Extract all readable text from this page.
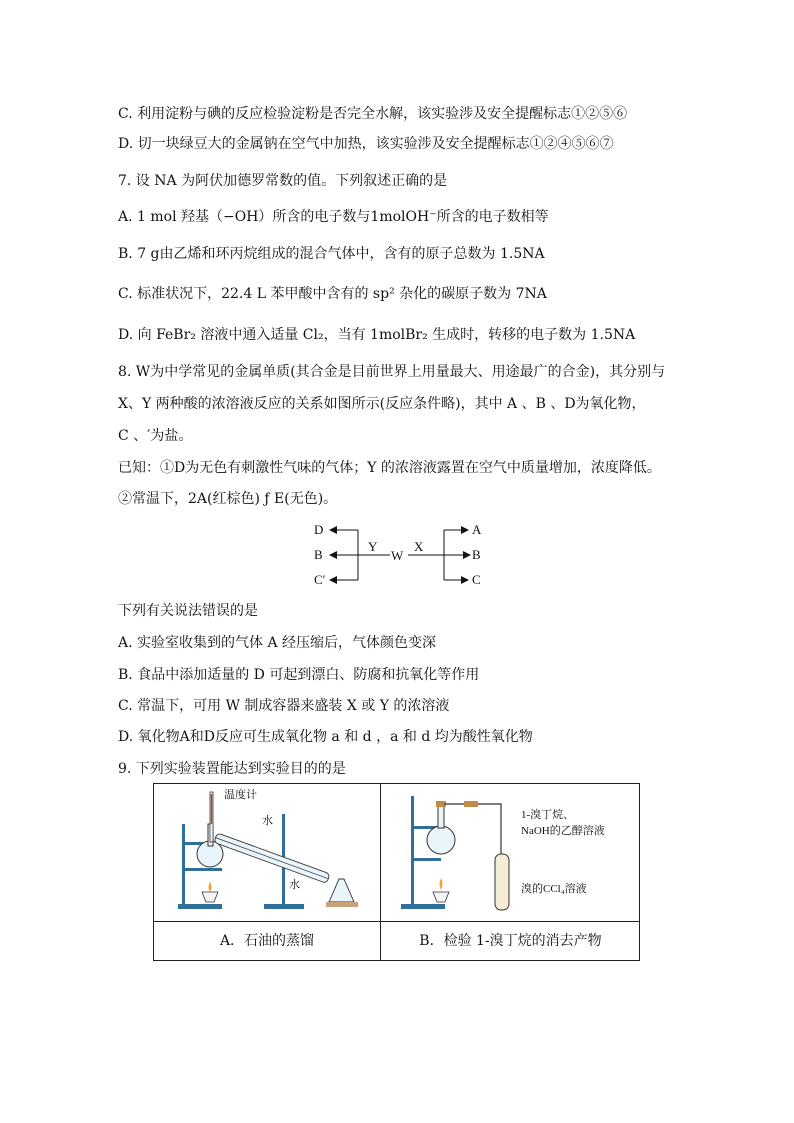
C. 利用淀粉与碘的反应检验淀粉是否完全水解，该实验涉及安全提醒标志①②⑤⑥
D. 切一块绿豆大的金属钠在空气中加热，该实验涉及安全提醒标志①②④⑤⑥⑦
7. 设 NA 为阿伏加德罗常数的值。下列叙述正确的是
A. 1 mol 羟基（−OH）所含的电子数与1molOH⁻所含的电子数相等
B. 7 g由乙烯和环丙烷组成的混合气体中，含有的原子总数为 1.5NA
C. 标准状况下，22.4 L 苯甲酸中含有的 sp² 杂化的碳原子数为 7NA
D. 向 FeBr₂ 溶液中通入适量 Cl₂，当有 1molBr₂ 生成时，转移的电子数为 1.5NA
8. W为中学常见的金属单质(其合金是目前世界上用量最大、用途最广的合金)，其分别与
X、Y 两种酸的浓溶液反应的关系如图所示(反应条件略)，其中 A 、B 、D为氧化物，
C 、′为盐。
已知：①D为无色有刺激性气味的气体；Y 的浓溶液露置在空气中质量增加，浓度降低。
②常温下，2A(红棕色) ƒ E(无色)。
D
B
C′
Y
W
X
A
B
C
下列有关说法错误的是
A. 实验室收集到的气体 A 经压缩后，气体颜色变深
B. 食品中添加适量的 D 可起到漂白、防腐和抗氧化等作用
C. 常温下，可用 W 制成容器来盛装 X 或 Y 的浓溶液
D. 氧化物A和D反应可生成氧化物 a 和 d ，a 和 d 均为酸性氧化物
9. 下列实验装置能达到实验目的的是
温度计
水
水
A．石油的蒸馏
1-溴丁烷、
NaOH的乙醇溶液
溴的CCl₄溶液
B．检验 1-溴丁烷的消去产物
